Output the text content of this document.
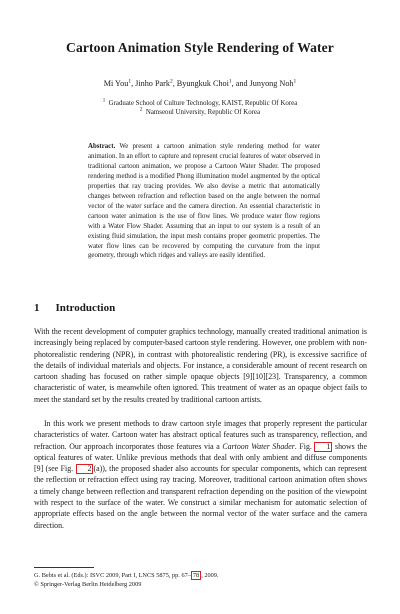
Cartoon Animation Style Rendering of Water
Mi You$^1$, Jinho Park$^2$, Byungkuk Choi$^1$, and Junyong Noh$^1$
$^1$ Graduate School of Culture Technology, KAIST, Republic Of Korea
$^2$ Namseoul University, Republic Of Korea
Abstract. We present a cartoon animation style rendering method for water animation. In an effort to capture and represent crucial features of water observed in traditional cartoon animation, we propose a Cartoon Water Shader. The proposed rendering method is a modified Phong illumination model augmented by the optical properties that ray tracing provides. We also devise a metric that automatically changes between refraction and reflection based on the angle between the normal vector of the water surface and the camera direction. An essential characteristic in cartoon water animation is the use of flow lines. We produce water flow regions with a Water Flow Shader. Assuming that an input to our system is a result of an existing fluid simulation, the input mesh contains proper geometric properties. The water flow lines can be recovered by computing the curvature from the input geometry, through which ridges and valleys are easily identified.
1 Introduction
With the recent development of computer graphics technology, manually created traditional animation is increasingly being replaced by computer-based cartoon style rendering. However, one problem with non-photorealistic rendering (NPR), in contrast with photorealistic rendering (PR), is excessive sacrifice of the details of individual materials and objects. For instance, a considerable amount of recent research on cartoon shading has focused on rather simple opaque objects [9][10][23]. Transparency, a common characteristic of water, is meanwhile often ignored. This treatment of water as an opaque object fails to meet the standard set by the results created by traditional cartoon artists.
In this work we present methods to draw cartoon style images that properly represent the particular characteristics of water. Cartoon water has abstract optical features such as transparency, reflection, and refraction. Our approach incorporates those features via a Cartoon Water Shader. Fig. 1 shows the optical features of water. Unlike previous methods that deal with only ambient and diffuse components [9] (see Fig. 2 (a)), the proposed shader also accounts for specular components, which can represent the reflection or refraction effect using ray tracing. Moreover, traditional cartoon animation often shows a timely change between reflection and transparent refraction depending on the position of the viewpoint with respect to the surface of the water. We construct a similar mechanism for automatic selection of appropriate effects based on the angle between the normal vector of the water surface and the camera direction.
G. Bebis et al. (Eds.): ISVC 2009, Part I, LNCS 5875, pp. 67– 78 , 2009.
© Springer-Verlag Berlin Heidelberg 2009
